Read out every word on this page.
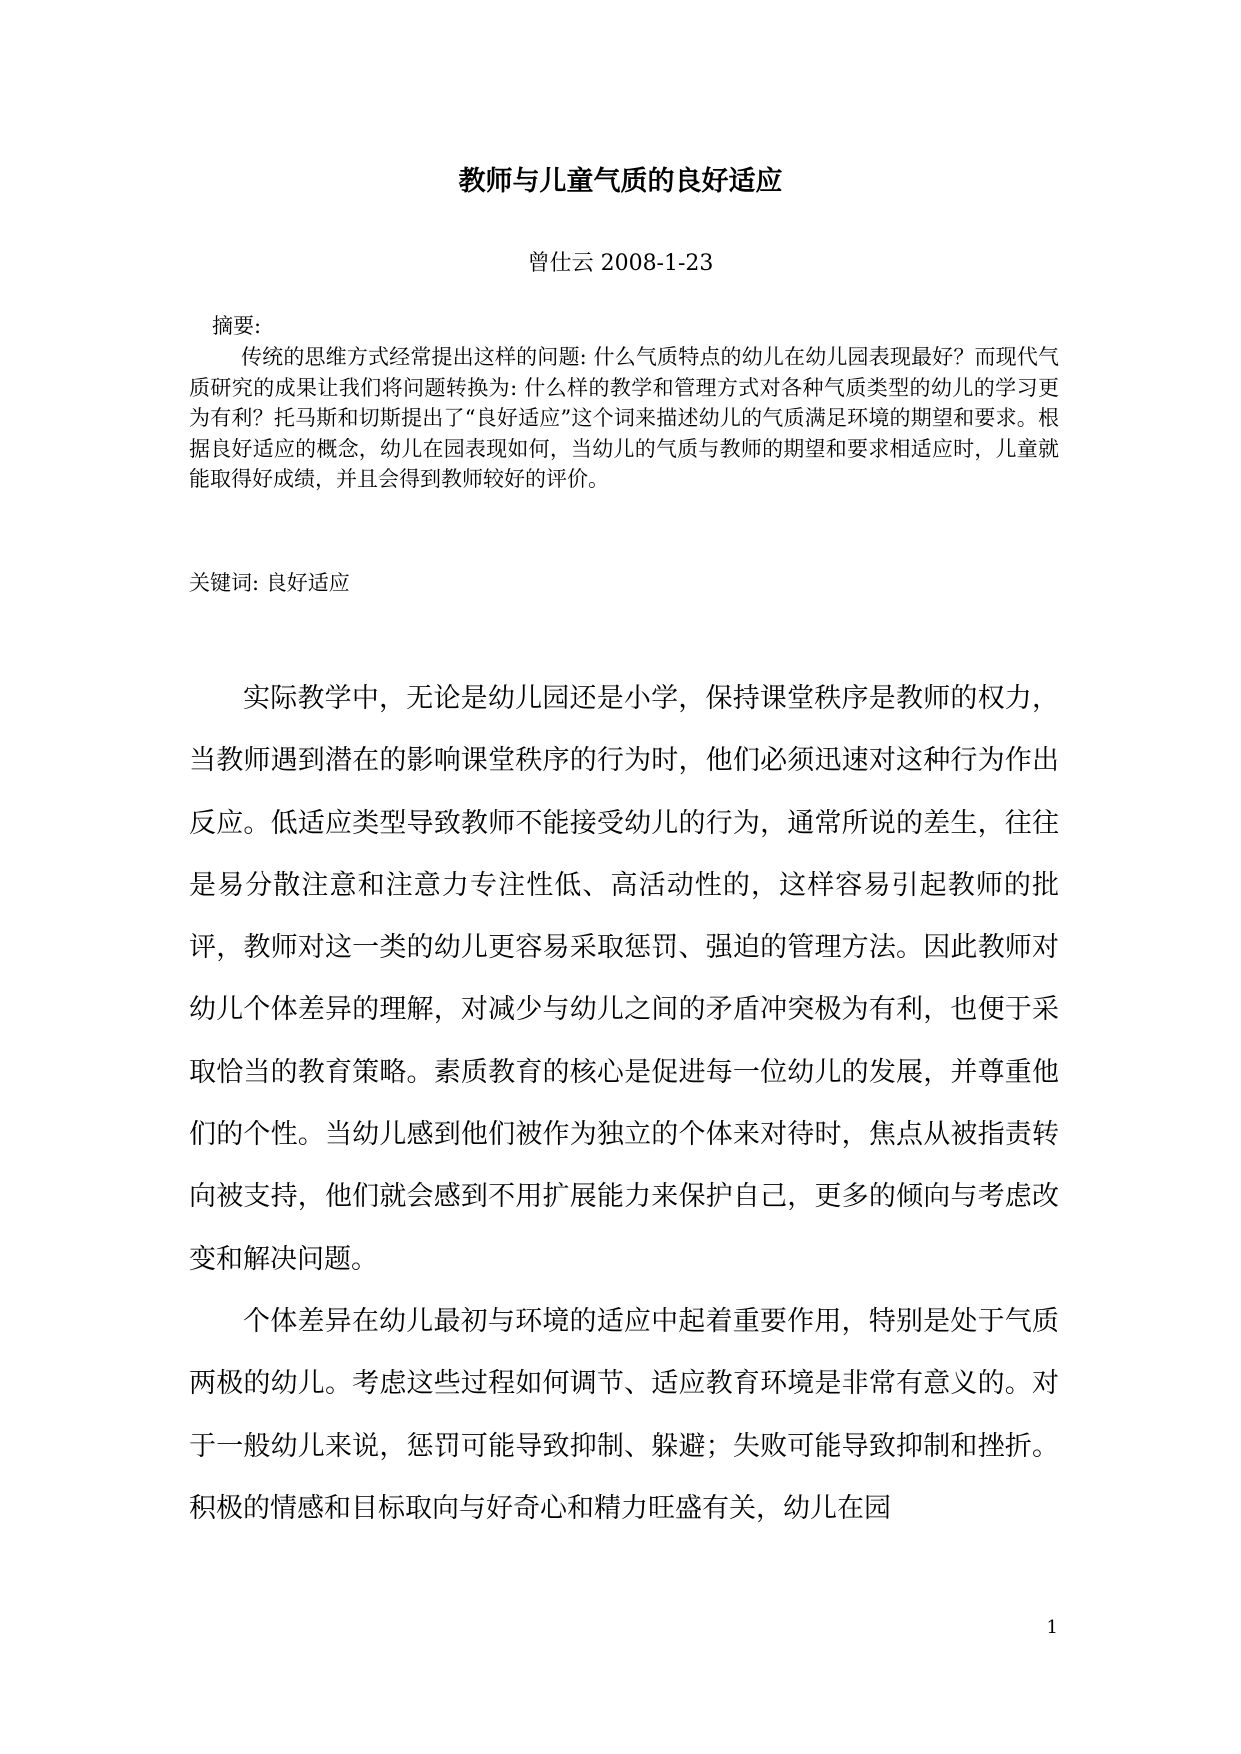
教师与儿童气质的良好适应
曾仕云 2008-1-23
摘要:

传统的思维方式经常提出这样的问题: 什么气质特点的幼儿在幼儿园表现最好？而现代气质研究的成果让我们将问题转换为: 什么样的教学和管理方式对各种气质类型的幼儿的学习更为有利？托马斯和切斯提出了“良好适应”这个词来描述幼儿的气质满足环境的期望和要求。根据良好适应的概念，幼儿在园表现如何，当幼儿的气质与教师的期望和要求相适应时，儿童就能取得好成绩，并且会得到教师较好的评价。

关键词: 良好适应

实际教学中，无论是幼儿园还是小学，保持课堂秩序是教师的权力，当教师遇到潜在的影响课堂秩序的行为时，他们必须迅速对这种行为作出反应。低适应类型导致教师不能接受幼儿的行为，通常所说的差生，往往是易分散注意和注意力专注性低、高活动性的，这样容易引起教师的批评，教师对这一类的幼儿更容易采取惩罚、强迫的管理方法。因此教师对幼儿个体差异的理解，对减少与幼儿之间的矛盾冲突极为有利，也便于采取恰当的教育策略。素质教育的核心是促进每一位幼儿的发展，并尊重他们的个性。当幼儿感到他们被作为独立的个体来对待时，焦点从被指责转向被支持，他们就会感到不用扩展能力来保护自己，更多的倾向与考虑改变和解决问题。

个体差异在幼儿最初与环境的适应中起着重要作用，特别是处于气质两极的幼儿。考虑这些过程如何调节、适应教育环境是非常有意义的。对于一般幼儿来说，惩罚可能导致抑制、躲避；失败可能导致抑制和挫折。积极的情感和目标取向与好奇心和精力旺盛有关，幼儿在园

1
